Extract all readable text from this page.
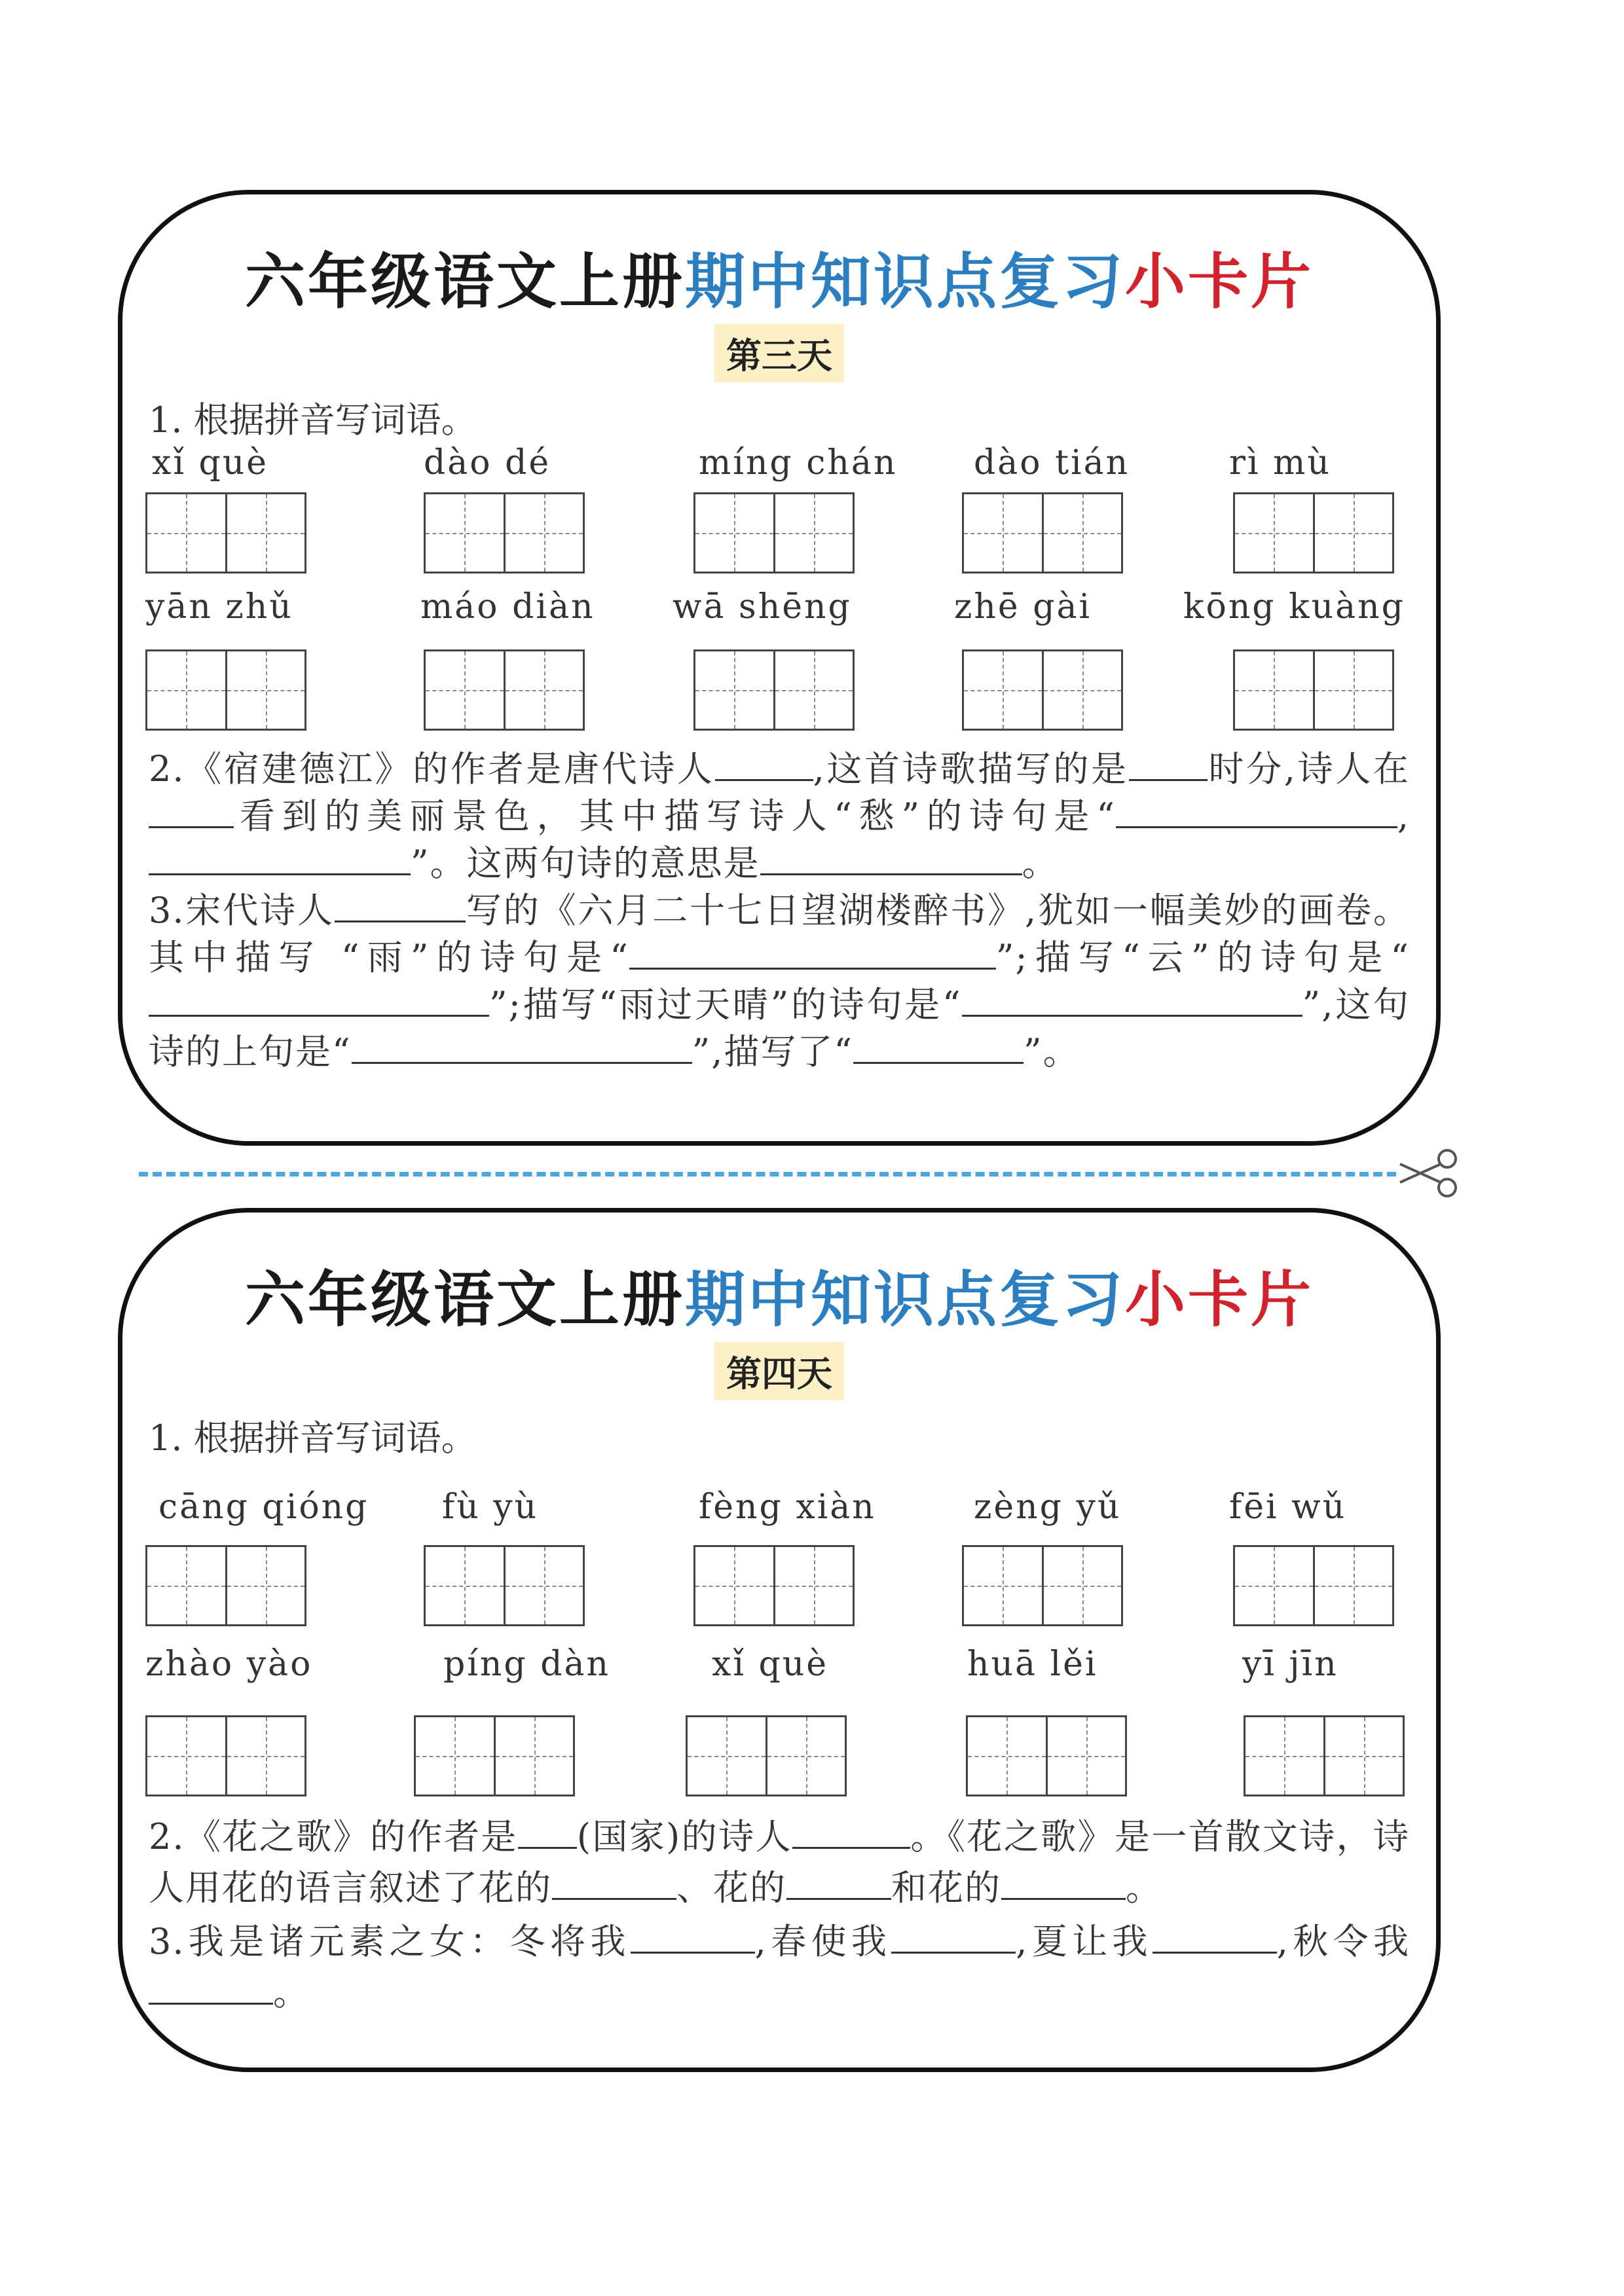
六年级语文上册期中知识点复习小卡片
第三天
1. 根据拼音写词语。
xǐ què	dào dé	míng chán dào tián	rì mù
yān zhǔ	máo diàn wā shēng	zhē gài	kōng kuàng
2.《宿建德江》的作者是唐代诗人	,这首诗歌描写的是 时分,诗人在看到的美丽景色，其中描写诗人“愁”的诗句是“	,”。这两句诗的意思是	。
3.宋代诗人	写的《六月二十七日望湖楼醉书》,犹如一幅美妙的画卷。其中描写 “雨”的诗句是“	”;描写“云”的诗句是“”;描写“雨过天晴”的诗句是“	”,这句诗的上句是“	”,描写了“	”。
六年级语文上册期中知识点复习小卡片
第四天
1. 根据拼音写词语。
cāng qióng fù yù	fèng xiàn	zèng yǔ	fēi wǔ
zhào yào	píng dàn	xǐ què	huā lěi	yī jīn
2.《花之歌》的作者是 (国家)的诗人	。《花之歌》是一首散文诗，诗人用花的语言叙述了花的	、花的	和花的	。
3.我是诸元素之女：冬将我	,春使我	,夏让我	,秋令我。
